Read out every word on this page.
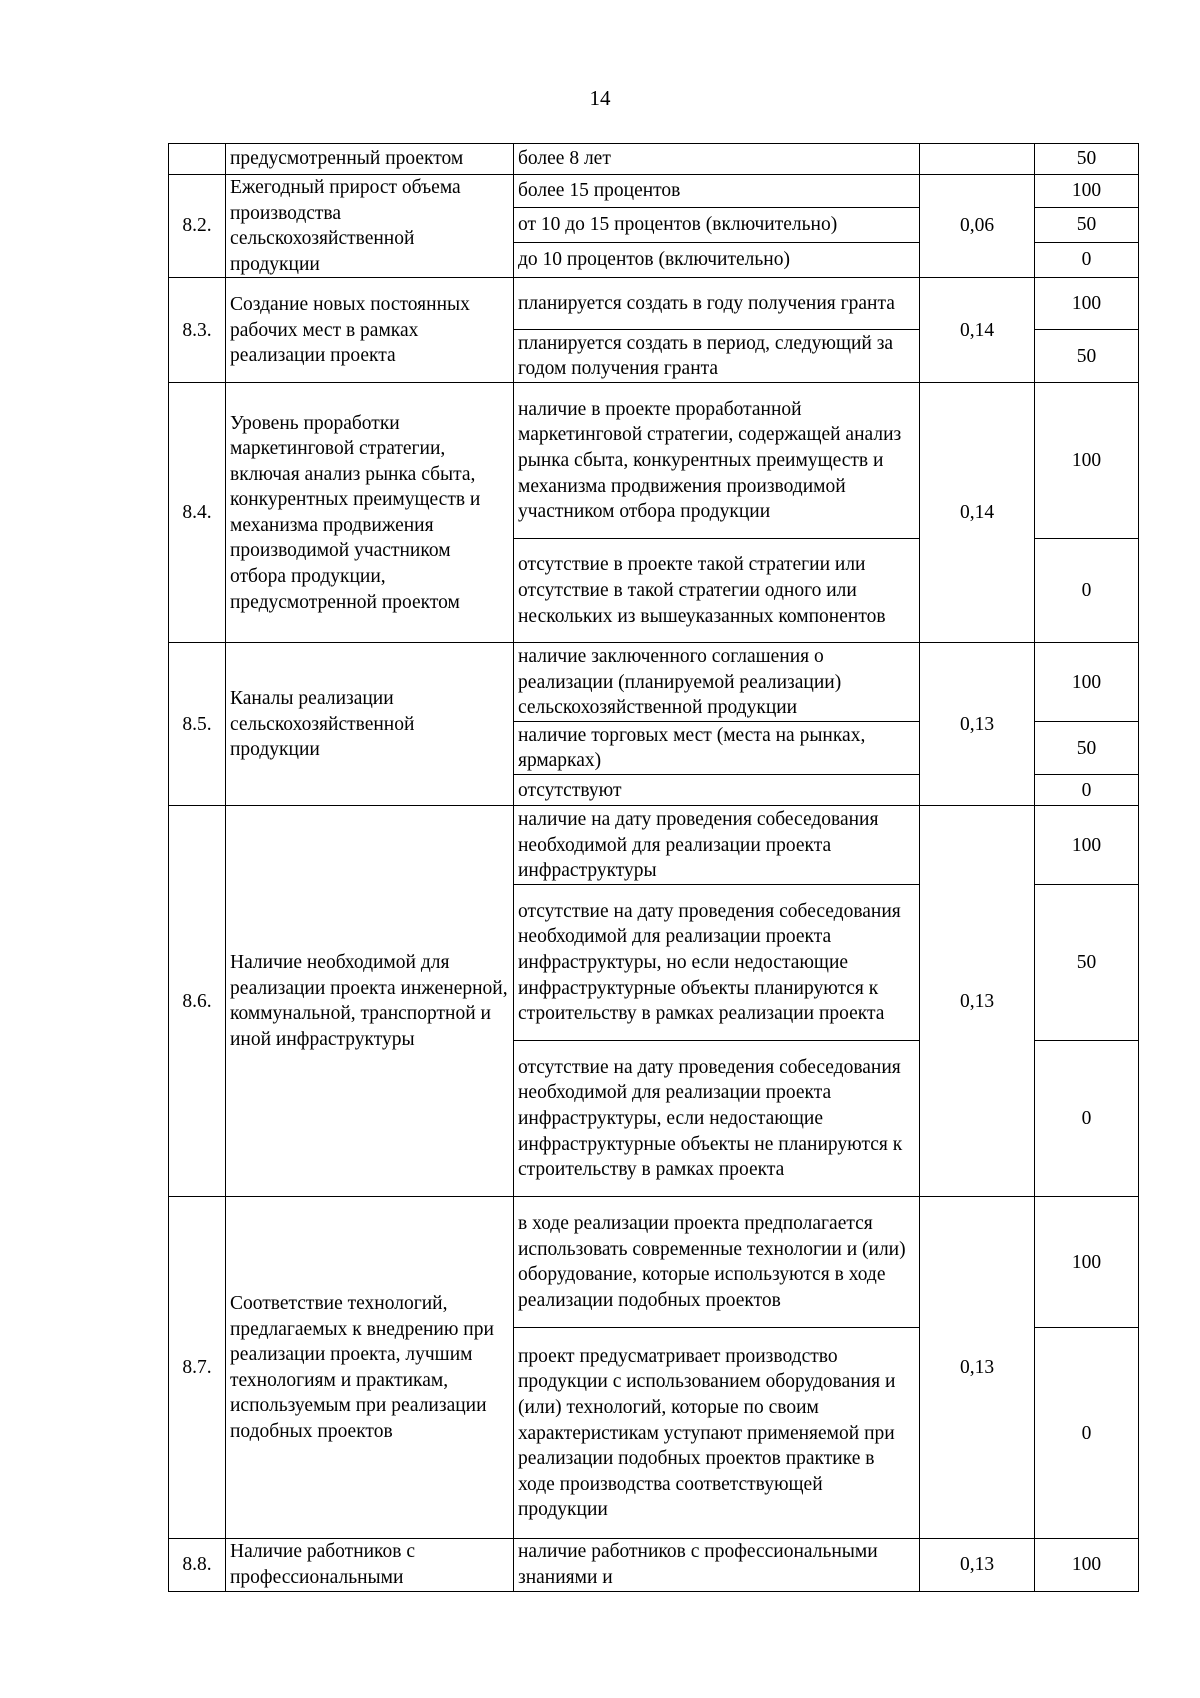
14
	предусмотренный проектом	более 8 лет		50
8.2.	Ежегодный прирост объема производства сельскохозяйственной продукции	более 15 процентов	0,06	100
		от 10 до 15 процентов (включительно)		50
		до 10 процентов (включительно)		0
8.3.	Создание новых постоянных рабочих мест в рамках реализации проекта	планируется создать в году получения гранта	0,14	100
		планируется создать в период, следующий за годом получения гранта		50
8.4.	Уровень проработки маркетинговой стратегии, включая анализ рынка сбыта, конкурентных преимуществ и механизма продвижения производимой участником отбора продукции, предусмотренной проектом	наличие в проекте проработанной маркетинговой стратегии, содержащей анализ рынка сбыта, конкурентных преимуществ и механизма продвижения производимой участником отбора продукции	0,14	100
		отсутствие в проекте такой стратегии или отсутствие в такой стратегии одного или нескольких из вышеуказанных компонентов		0
8.5.	Каналы реализации сельскохозяйственной продукции	наличие заключенного соглашения о реализации (планируемой реализации) сельскохозяйственной продукции	0,13	100
		наличие торговых мест (места на рынках, ярмарках)		50
		отсутствуют		0
8.6.	Наличие необходимой для реализации проекта инженерной, коммунальной, транспортной и иной инфраструктуры	наличие на дату проведения собеседования необходимой для реализации проекта инфраструктуры	0,13	100
		отсутствие на дату проведения собеседования необходимой для реализации проекта инфраструктуры, но если недостающие инфраструктурные объекты планируются к строительству в рамках реализации проекта		50
		отсутствие на дату проведения собеседования необходимой для реализации проекта инфраструктуры, если недостающие инфраструктурные объекты не планируются к строительству в рамках проекта		0
8.7.	Соответствие технологий, предлагаемых к внедрению при реализации проекта, лучшим технологиям и практикам, используемым при реализации подобных проектов	в ходе реализации проекта предполагается использовать современные технологии и (или) оборудование, которые используются в ходе реализации подобных проектов	0,13	100
		проект предусматривает производство продукции с использованием оборудования и (или) технологий, которые по своим характеристикам уступают применяемой при реализации подобных проектов практике в ходе производства соответствующей продукции		0
8.8.	Наличие работников с профессиональными	наличие работников с профессиональными знаниями и	0,13	100
